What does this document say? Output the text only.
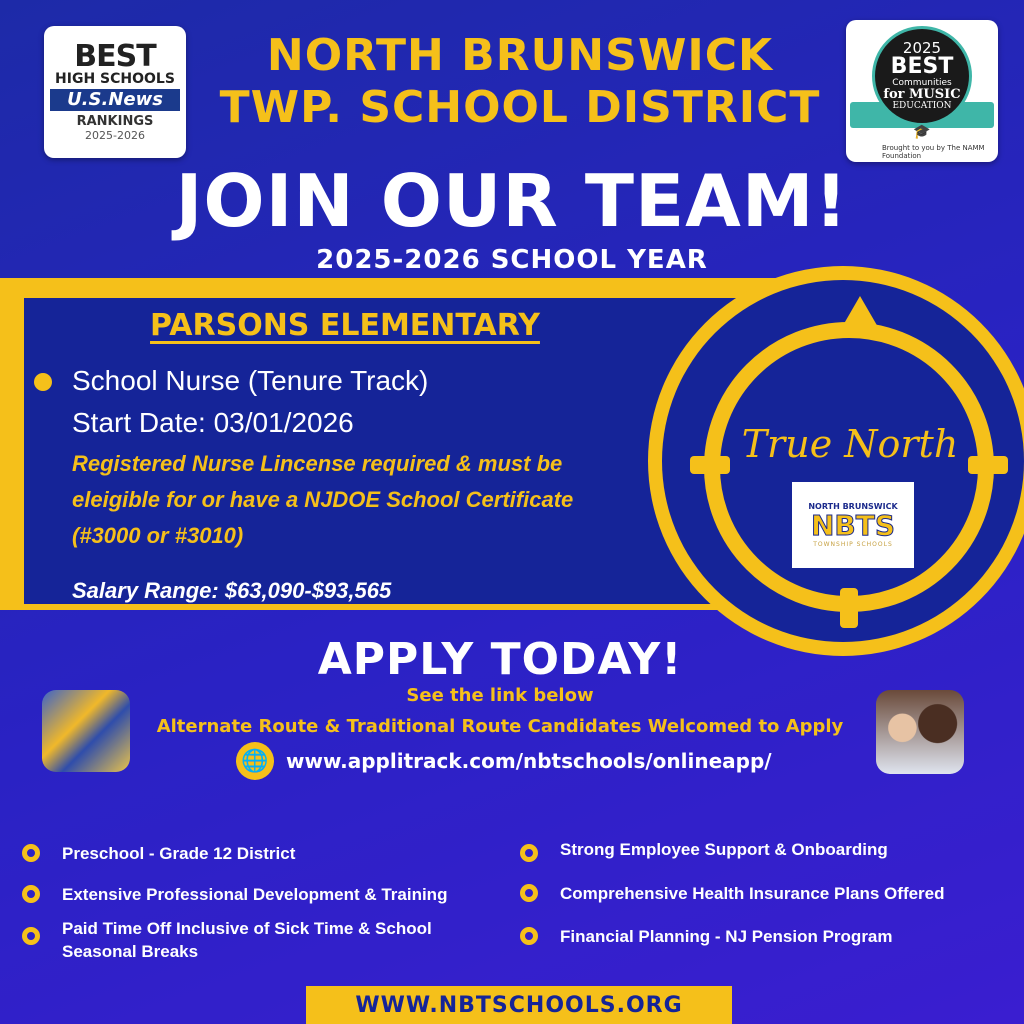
BEST
HIGH SCHOOLS
U.S.News
RANKINGS
2025-2026
2025
BEST
Communities
for MUSIC
EDUCATION
🎓
Brought to you by The NAMM Foundation
NORTH BRUNSWICK
TWP. SCHOOL DISTRICT
JOIN OUR TEAM!
2025-2026 SCHOOL YEAR
PARSONS ELEMENTARY
School Nurse (Tenure Track)
Start Date: 03/01/2026
Registered Nurse Lincense required & must be eleigible for or have a NJDOE School Certificate (#3000 or #3010)
Salary Range: $63,090-$93,565
True North
NORTH BRUNSWICK
NBTS
TOWNSHIP SCHOOLS
APPLY TODAY!
See the link below
Alternate Route & Traditional Route Candidates Welcomed to Apply
🌐 www.applitrack.com/nbtschools/onlineapp/
Preschool - Grade 12 District
Extensive Professional Development & Training
Paid Time Off Inclusive of Sick Time & School Seasonal Breaks
Strong Employee Support & Onboarding
Comprehensive Health Insurance Plans Offered
Financial Planning - NJ Pension Program
WWW.NBTSCHOOLS.ORG
